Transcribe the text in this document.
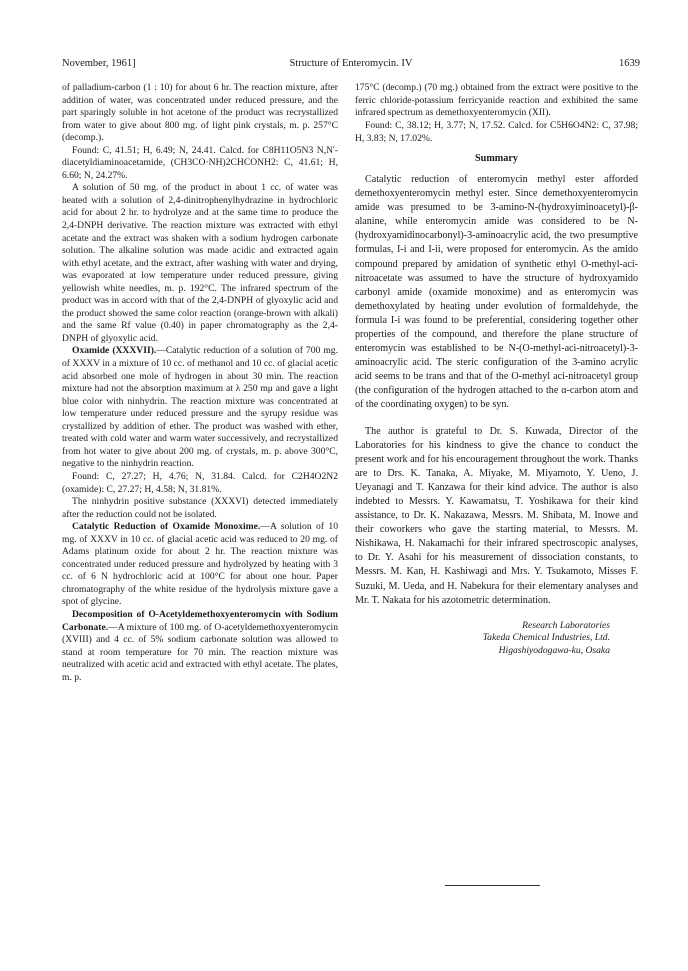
November, 1961]	Structure of Enteromycin. IV	1639

of palladium-carbon (1 : 10) for about 6 hr. The reaction mixture, after addition of water, was concentrated under reduced pressure, and the part sparingly soluble in hot acetone of the product was recrystallized from water to give about 800 mg. of light pink crystals, m. p. 257°C (decomp.).

Found: C, 41.51; H, 6.49; N, 24.41. Calcd. for C8H11O5N3 N,N'-diacetyldiaminoacetamide, (CH3CO·NH)2CHCONH2: C, 41.61; H, 6.60; N, 24.27%.

A solution of 50 mg. of the product in about 1 cc. of water was heated with a solution of 2,4-dinitrophenylhydrazine in hydrochloric acid for about 2 hr. to hydrolyze and at the same time to produce the 2,4-DNPH derivative. The reaction mixture was extracted with ethyl acetate and the extract was shaken with a sodium hydrogen carbonate solution. The alkaline solution was made acidic and extracted again with ethyl acetate, and the extract, after washing with water and drying, was evaporated at low temperature under reduced pressure, giving yellowish white needles, m. p. 192°C. The infrared spectrum of the product was in accord with that of the 2,4-DNPH of glyoxylic acid and the product showed the same color reaction (orange-brown with alkali) and the same Rf value (0.40) in paper chromatography as the 2,4-DNPH of glyoxylic acid.

Oxamide (XXXVII).—Catalytic reduction of a solution of 700 mg. of XXXV in a mixture of 10 cc. of methanol and 10 cc. of glacial acetic acid absorbed one mole of hydrogen in about 30 min. The reaction mixture had not the absorption maximum at λ 250 mμ and gave a light blue color with ninhydrin. The reaction mixture was concentrated at low temperature under reduced pressure and the syrupy residue was crystallized by addition of ether. The product was washed with ether, treated with cold water and warm water successively, and recrystallized from hot water to give about 200 mg. of crystals, m. p. above 300°C, negative to the ninhydrin reaction.

Found: C, 27.27; H, 4.76; N, 31.84. Calcd. for C2H4O2N2 (oxamide): C, 27.27; H, 4.58; N, 31.81%.

The ninhydrin positive substance (XXXVI) detected immediately after the reduction could not be isolated.

Catalytic Reduction of Oxamide Monoxime.—A solution of 10 mg. of XXXV in 10 cc. of glacial acetic acid was reduced to 20 mg. of Adams platinum oxide for about 2 hr. The reaction mixture was concentrated under reduced pressure and hydrolyzed by heating with 3 cc. of 6 N hydrochloric acid at 100°C for about one hour. Paper chromatography of the white residue of the hydrolysis mixture gave a spot of glycine.

Decomposition of O-Acetyldemethoxyenteromycin with Sodium Carbonate.—A mixture of 100 mg. of O-acetyldemethoxyenteromycin (XVIII) and 4 cc. of 5% sodium carbonate solution was allowed to stand at room temperature for 70 min. The reaction mixture was neutralized with acetic acid and extracted with ethyl acetate. The plates, m. p.

175°C (decomp.) (70 mg.) obtained from the extract were positive to the ferric chloride-potassium ferricyanide reaction and exhibited the same infrared spectrum as demethoxyenteromycin (XII).

Found: C, 38.12; H, 3.77; N, 17.52. Calcd. for C5H6O4N2: C, 37.98; H, 3.83; N, 17.02%.

Summary

Catalytic reduction of enteromycin methyl ester afforded demethoxyenteromycin methyl ester. Since demethoxyenteromycin amide was presumed to be 3-amino-N-(hydroxyiminoacetyl)-β-alanine, while enteromycin amide was considered to be N-(hydroxyamidinocarbonyl)-3-aminoacrylic acid, the two presumptive formulas, I-i and I-ii, were proposed for enteromycin. As the amido compound prepared by amidation of synthetic ethyl O-methyl-aci-nitroacetate was assumed to have the structure of hydroxyamido carbonyl amide (oxamide monoxime) and as enteromycin was demethoxylated by heating under evolution of formaldehyde, the formula I-i was found to be preferential, considering together other properties of the compound, and therefore the plane structure of enteromycin was established to be N-(O-methyl-aci-nitroacetyl)-3-aminoacrylic acid. The steric configuration of the 3-amino acrylic acid seems to be trans and that of the O-methyl aci-nitroacetyl group (the configuration of the hydrogen attached to the α-carbon atom and of the coordinating oxygen) to be syn.

The author is grateful to Dr. S. Kuwada, Director of the Laboratories for his kindness to give the chance to conduct the present work and for his encouragement throughout the work. Thanks are to Drs. K. Tanaka, A. Miyake, M. Miyamoto, Y. Ueno, J. Ueyanagi and T. Kanzawa for their kind advice. The author is also indebted to Messrs. Y. Kawamatsu, T. Yoshikawa for their kind assistance, to Dr. K. Nakazawa, Messrs. M. Shibata, M. Inowe and their coworkers who gave the starting material, to Messrs. M. Nishikawa, H. Nakamachi for their infrared spectroscopic analyses, to Dr. Y. Asahi for his measurement of dissociation constants, to Messrs. M. Kan, H. Kashiwagi and Mrs. Y. Tsukamoto, Misses F. Suzuki, M. Ueda, and H. Nabekura for their elementary analyses and Mr. T. Nakata for his azotometric determination.

Research Laboratories
Takeda Chemical Industries, Ltd.
Higashiyodogawa-ku, Osaka
